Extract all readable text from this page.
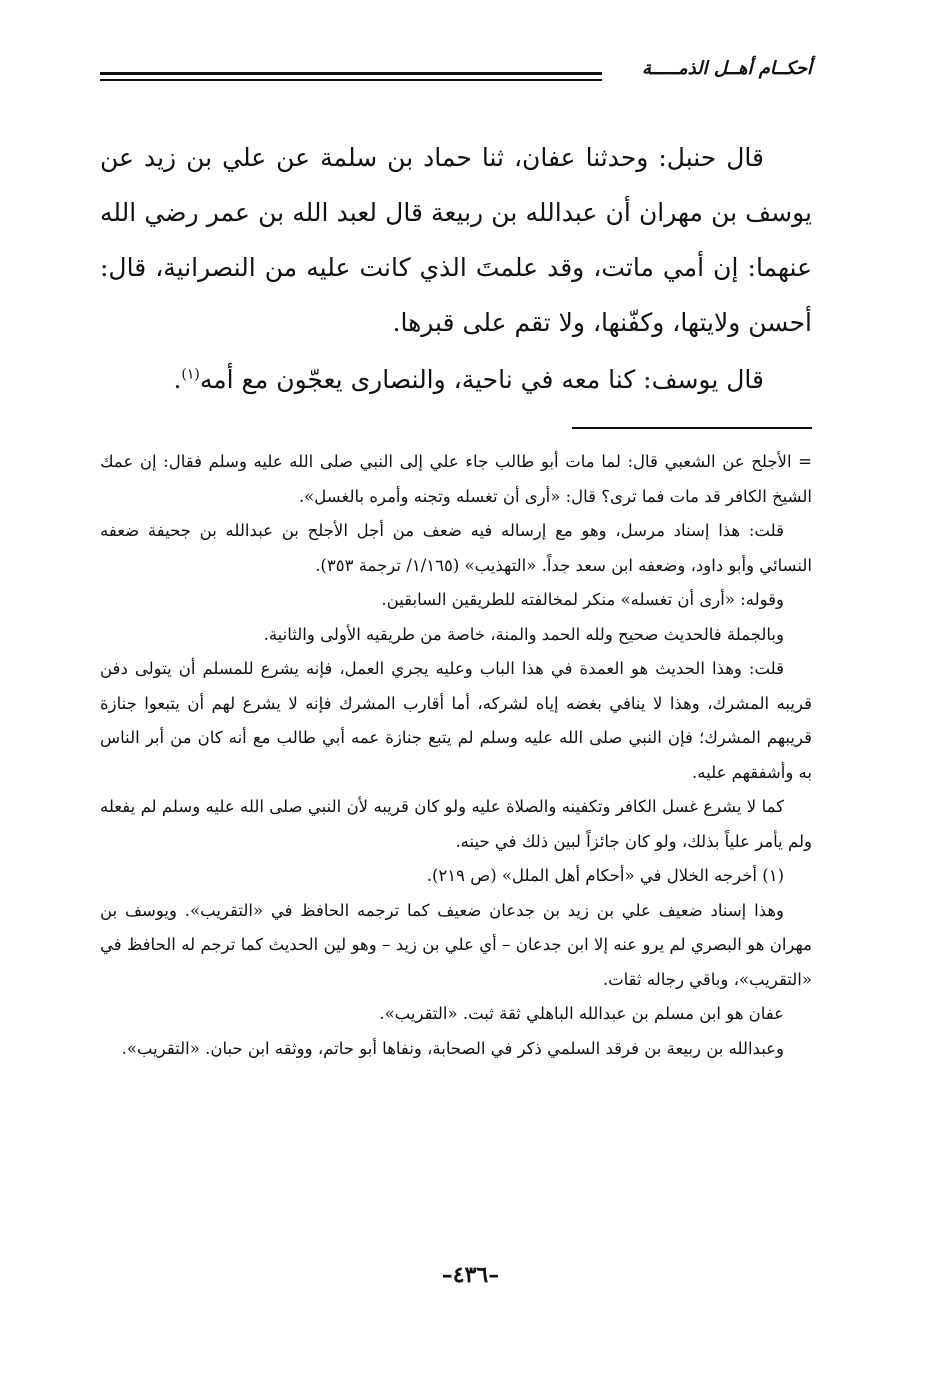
أحكــام أهــل الذمـــــة

قال حنبل: وحدثنا عفان، ثنا حماد بن سلمة عن علي بن زيد عن يوسف بن مهران أن عبدالله بن ربيعة قال لعبد الله بن عمر رضي الله عنهما: إن أمي ماتت، وقد علمتَ الذي كانت عليه من النصرانية، قال: أحسن ولايتها، وكفّنها، ولا تقم على قبرها.

قال يوسف: كنا معه في ناحية، والنصارى يعجّون مع أمه$^{(١)}$.

= الأجلح عن الشعبي قال: لما مات أبو طالب جاء علي إلى النبي صلى الله عليه وسلم فقال: إن عمك الشيخ الكافر قد مات فما ترى؟ قال: «أرى أن تغسله وتجنه وأمره بالغسل».

قلت: هذا إسناد مرسل، وهو مع إرساله فيه ضعف من أجل الأجلح بن عبدالله بن جحيفة ضعفه النسائي وأبو داود، وضعفه ابن سعد جداً. «التهذيب» (١/١٦٥/ ترجمة ٣٥٣).

وقوله: «أرى أن تغسله» منكر لمخالفته للطريقين السابقين.

وبالجملة فالحديث صحيح ولله الحمد والمنة، خاصة من طريقيه الأولى والثانية.

قلت: وهذا الحديث هو العمدة في هذا الباب وعليه يجري العمل، فإنه يشرع للمسلم أن يتولى دفن قريبه المشرك، وهذا لا ينافي بغضه إياه لشركه، أما أقارب المشرك فإنه لا يشرع لهم أن يتبعوا جنازة قريبهم المشرك؛ فإن النبي صلى الله عليه وسلم لم يتبع جنازة عمه أبي طالب مع أنه كان من أبر الناس به وأشفقهم عليه.

كما لا يشرع غسل الكافر وتكفينه والصلاة عليه ولو كان قريبه لأن النبي صلى الله عليه وسلم لم يفعله ولم يأمر علياً بذلك، ولو كان جائزاً لبين ذلك في حينه.

(١) أخرجه الخلال في «أحكام أهل الملل» (ص ٢١٩).

وهذا إسناد ضعيف علي بن زيد بن جدعان ضعيف كما ترجمه الحافظ في «التقريب». ويوسف بن مهران هو البصري لم يرو عنه إلا ابن جدعان – أي علي بن زيد – وهو لين الحديث كما ترجم له الحافظ في «التقريب»، وباقي رجاله ثقات.

عفان هو ابن مسلم بن عبدالله الباهلي ثقة ثبت. «التقريب».

وعبدالله بن ربيعة بن فرقد السلمي ذكر في الصحابة، ونفاها أبو حاتم، ووثقه ابن حبان. «التقريب».

–٤٣٦–
